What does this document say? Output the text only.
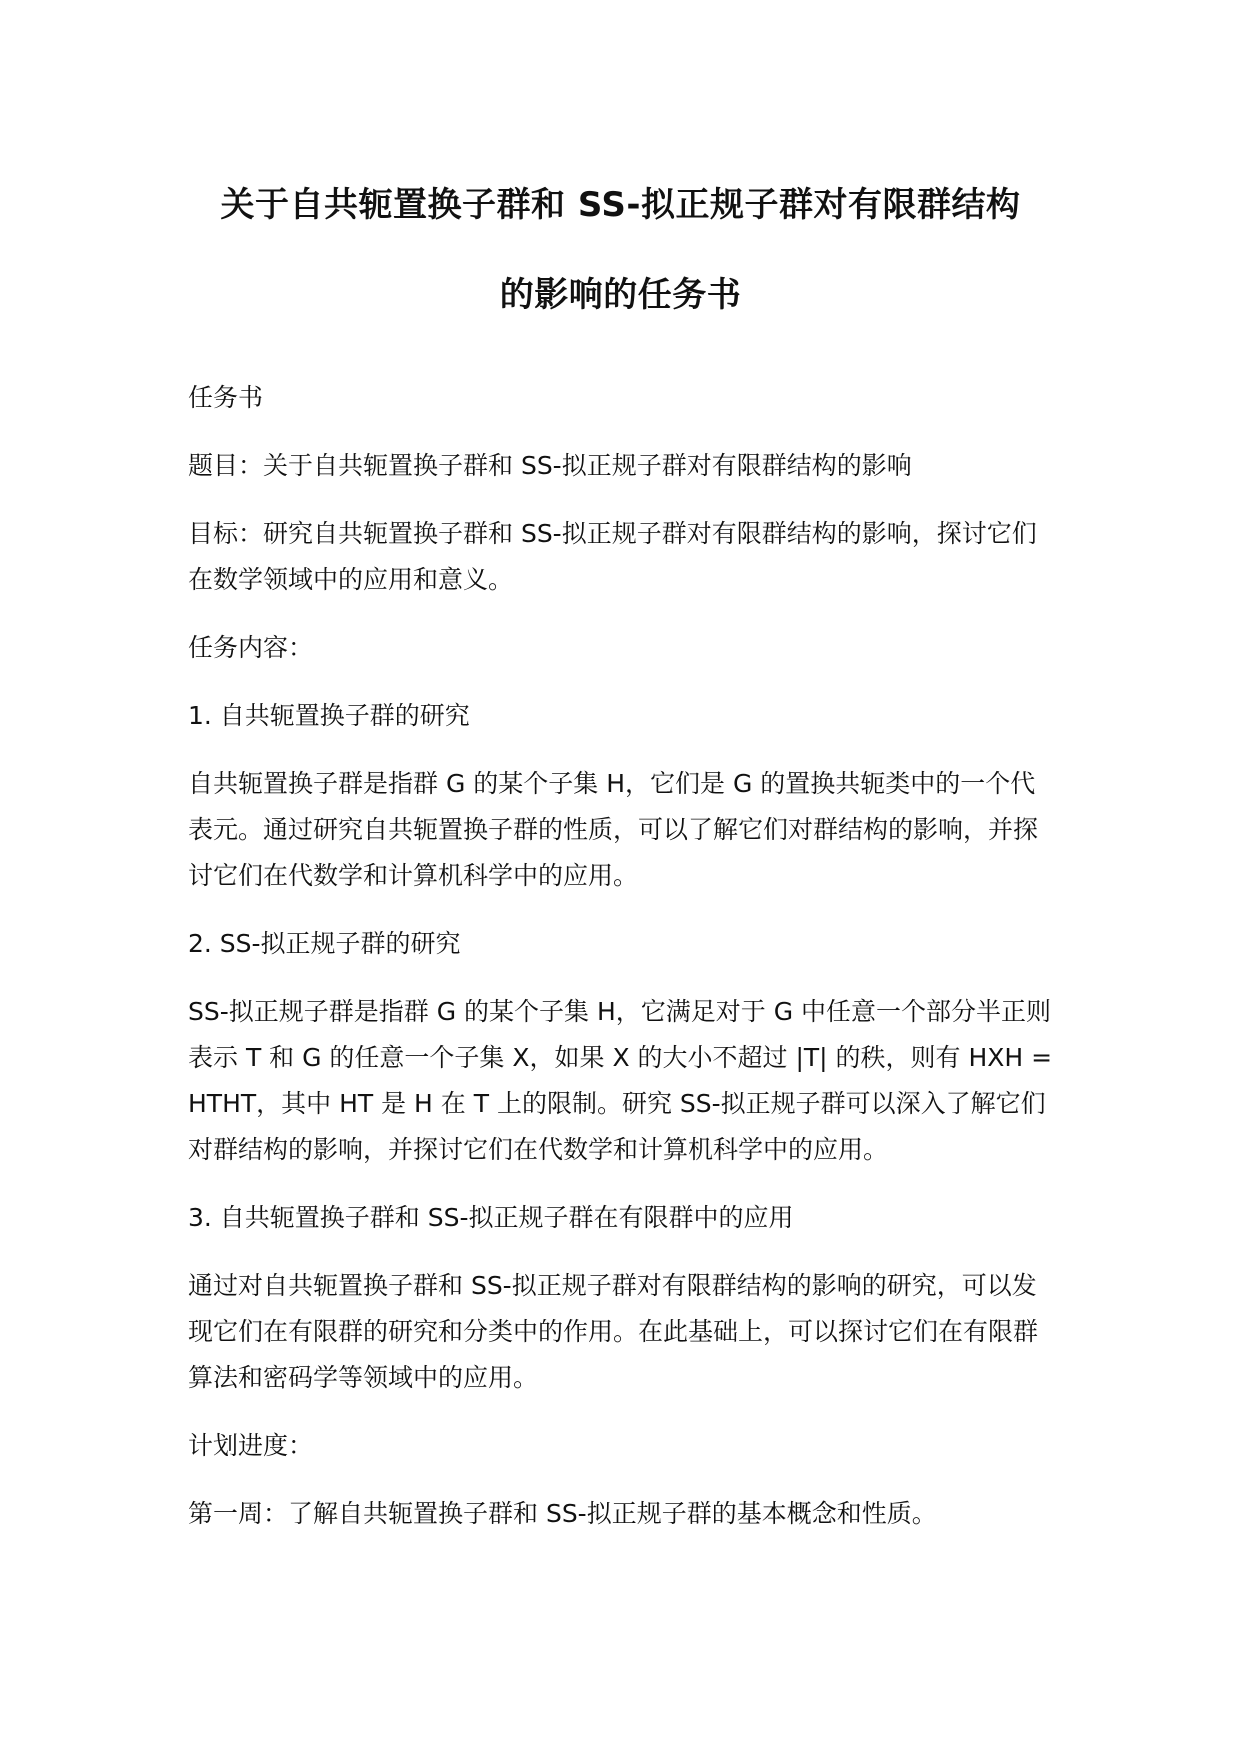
关于自共轭置换子群和 SS-拟正规子群对有限群结构
的影响的任务书

任务书

题目：关于自共轭置换子群和 SS-拟正规子群对有限群结构的影响

目标：研究自共轭置换子群和 SS-拟正规子群对有限群结构的影响，探讨它们在数学领域中的应用和意义。

任务内容：

1. 自共轭置换子群的研究

自共轭置换子群是指群 G 的某个子集 H，它们是 G 的置换共轭类中的一个代表元。通过研究自共轭置换子群的性质，可以了解它们对群结构的影响，并探讨它们在代数学和计算机科学中的应用。

2. SS-拟正规子群的研究

SS-拟正规子群是指群 G 的某个子集 H，它满足对于 G 中任意一个部分半正则表示 T 和 G 的任意一个子集 X，如果 X 的大小不超过 |T| 的秩，则有 HXH = HTHT，其中 HT 是 H 在 T 上的限制。研究 SS-拟正规子群可以深入了解它们对群结构的影响，并探讨它们在代数学和计算机科学中的应用。

3. 自共轭置换子群和 SS-拟正规子群在有限群中的应用

通过对自共轭置换子群和 SS-拟正规子群对有限群结构的影响的研究，可以发现它们在有限群的研究和分类中的作用。在此基础上，可以探讨它们在有限群算法和密码学等领域中的应用。

计划进度：

第一周：了解自共轭置换子群和 SS-拟正规子群的基本概念和性质。
